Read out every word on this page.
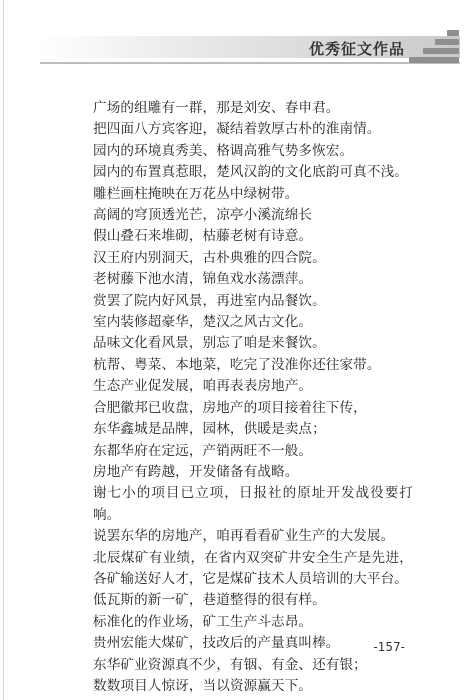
优秀征文作品
广场的组雕有一群，那是刘安、春申君。
把四面八方宾客迎，凝结着敦厚古朴的淮南情。
园内的环境真秀美、格调高雅气势多恢宏。
园内的布置真惹眼，楚风汉韵的文化底韵可真不浅。
雕栏画柱掩映在万花丛中绿树带。
高阔的穹顶透光芒，凉亭小溪流绵长
假山叠石来堆砌，枯藤老树有诗意。
汉王府内别洞天，古朴典雅的四合院。
老树藤下池水清，锦鱼戏水荡漂萍。
赏罢了院内好风景，再进室内品餐饮。
室内装修超豪华，楚汉之风古文化。
品味文化看风景，别忘了咱是来餐饮。
杭帮、粤菜、本地菜，吃完了没准你还往家带。
生态产业促发展，咱再表表房地产。
合肥徽邦已收盘，房地产的项目接着往下传，
东华鑫城是品牌，园林，供暖是卖点；
东都华府在定远，产销两旺不一般。
房地产有跨越，开发储备有战略。
谢七小的项目已立项，日报社的原址开发战役要打响。
说罢东华的房地产，咱再看看矿业生产的大发展。
北辰煤矿有业绩，在省内双突矿井安全生产是先进，各矿输送好人才，它是煤矿技术人员培训的大平台。
低瓦斯的新一矿，巷道整得的很有样。
标准化的作业场，矿工生产斗志昂。
贵州宏能大煤矿，技改后的产量真叫棒。
东华矿业资源真不少，有铟、有金、还有银；
数数项目人惊讶，当以资源赢天下。
-157-
